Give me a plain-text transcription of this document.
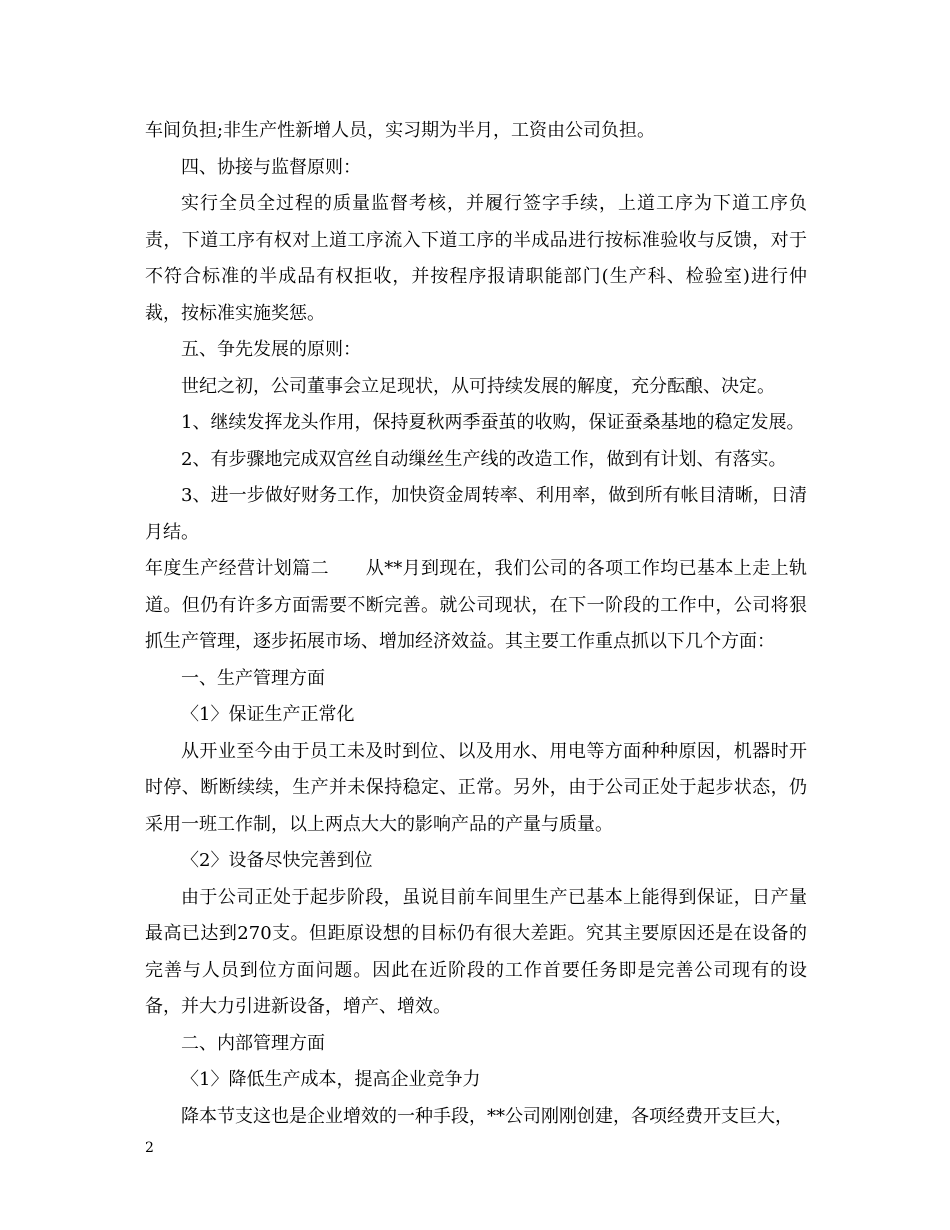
车间负担;非生产性新增人员，实习期为半月，工资由公司负担。

四、协接与监督原则：

实行全员全过程的质量监督考核，并履行签字手续，上道工序为下道工序负责，下道工序有权对上道工序流入下道工序的半成品进行按标准验收与反馈，对于不符合标准的半成品有权拒收，并按程序报请职能部门(生产科、检验室)进行仲裁，按标准实施奖惩。

五、争先发展的原则：

世纪之初，公司董事会立足现状，从可持续发展的解度，充分酝酿、决定。

1、继续发挥龙头作用，保持夏秋两季蚕茧的收购，保证蚕桑基地的稳定发展。

2、有步骤地完成双宫丝自动缫丝生产线的改造工作，做到有计划、有落实。

3、进一步做好财务工作，加快资金周转率、利用率，做到所有帐目清晰，日清月结。

年度生产经营计划篇二　　从**月到现在，我们公司的各项工作均已基本上走上轨道。但仍有许多方面需要不断完善。就公司现状，在下一阶段的工作中，公司将狠抓生产管理，逐步拓展市场、增加经济效益。其主要工作重点抓以下几个方面：

一、生产管理方面

〈1〉保证生产正常化

从开业至今由于员工未及时到位、以及用水、用电等方面种种原因，机器时开时停、断断续续，生产并未保持稳定、正常。另外，由于公司正处于起步状态，仍采用一班工作制，以上两点大大的影响产品的产量与质量。

〈2〉设备尽快完善到位

由于公司正处于起步阶段，虽说目前车间里生产已基本上能得到保证，日产量最高已达到270支。但距原设想的目标仍有很大差距。究其主要原因还是在设备的完善与人员到位方面问题。因此在近阶段的工作首要任务即是完善公司现有的设备，并大力引进新设备，增产、增效。

二、内部管理方面

〈1〉降低生产成本，提高企业竞争力

降本节支这也是企业增效的一种手段，**公司刚刚创建，各项经费开支巨大，

2
